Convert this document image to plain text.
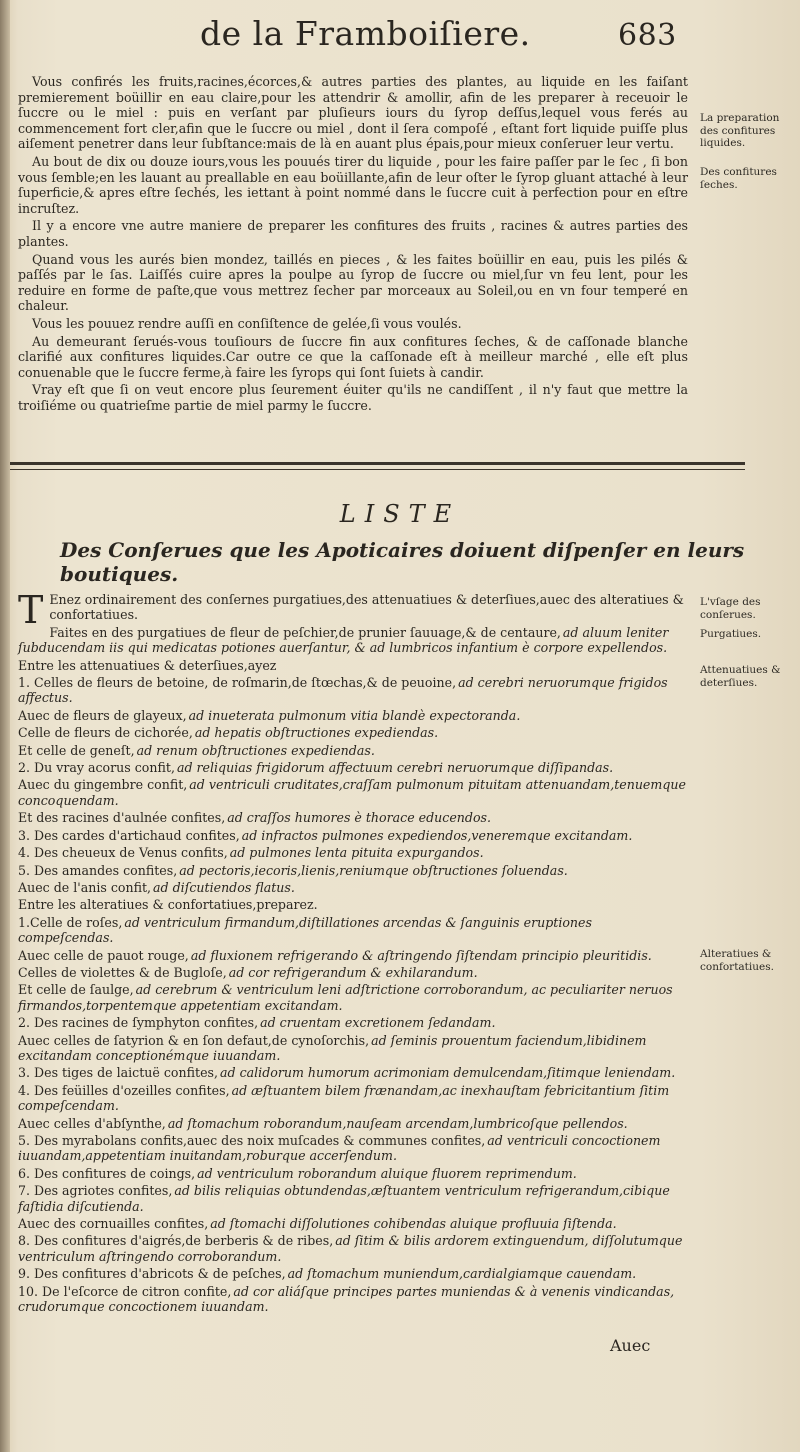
de la Framboiſiere.	683

Vous confirés les fruits,racines,écorces,& autres parties des plantes, au liquide en les faiſant premierement boüillir en eau claire,pour les attendrir & amollir, afin de les preparer à receuoir le ſuccre ou le miel : puis en verſant par pluſieurs iours du ſyrop deſſus,lequel vous ferés au commencement fort cler,afin que le ſuccre ou miel , dont il ſera compoſé , eſtant fort liquide puiſſe plus aiſement penetrer dans leur ſubſtance:mais de là en auant plus épais,pour mieux conſeruer leur vertu.

Au bout de dix ou douze iours,vous les pouués tirer du liquide , pour les faire paſſer par le ſec , ſi bon vous ſemble;en les lauant au preallable en eau boüillante,afin de leur oſter le ſyrop gluant attaché à leur ſuperficie,& apres eſtre ſechés, les iettant à point nommé dans le ſuccre cuit à perfection pour en eſtre incruſtez.

Il y a encore vne autre maniere de preparer les confitures des fruits , racines & autres parties des plantes.

Quand vous les aurés bien mondez, taillés en pieces , & les faites boüillir en eau, puis les pilés & paſſés par le ſas. Laiſſés cuire apres la poulpe au ſyrop de ſuccre ou miel,ſur vn feu lent, pour les reduire en forme de paſte,que vous mettrez ſecher par morceaux au Soleil,ou en vn four temperé en chaleur.

Vous les pouuez rendre auſſi en conſiſtence de gelée,ſi vous voulés.

Au demeurant ſerués-vous touſiours de ſuccre fin aux confitures ſeches, & de caſſonade blanche clarifié aux confitures liquides.Car outre ce que la caſſonade eſt à meilleur marché , elle eſt plus conuenable que le ſuccre ferme,à faire les ſyrops qui ſont ſuiets à candir.

Vray eſt que ſi on veut encore plus ſeurement éuiter qu'ils ne candiſſent , il n'y faut que mettre la troiſiéme ou quatrieſme partie de miel parmy le ſuccre.

La preparation des confitures liquides.
Des confitures ſeches.
LISTE
Des Conſerues que les Apoticaires doiuent diſpenſer en leurs boutiques.
T Enez ordinairement des conſernes purgatiues,des attenuatiues & deterſiues,auec des alteratiues & confortatiues.
Faites en des purgatiues de fleur de peſchier,de prunier ſauuage,& de centaure, ad aluum leniter ſubducendam iis qui medicatas potiones auerſantur, & ad lumbricos infantium è corpore expellendos.
Entre les attenuatiues & deterſiues,ayez
1. Celles de fleurs de betoine, de roſmarin,de ſtœchas,& de peuoine, ad cerebri neruorumque frigidos affectus.
Auec de fleurs de glayeux, ad inueterata pulmonum vitia blandè expectoranda.
Celle de fleurs de cichorée, ad hepatis obſtructiones expediendas.
Et celle de geneſt, ad renum obſtructiones expediendas.
2. Du vray acorus confit, ad reliquias frigidorum affectuum cerebri neruorumque diſſipandas.
Auec du gingembre confit, ad ventriculi cruditates,craſſam pulmonum pituitam attenuandam,tenuemque concoquendam.
Et des racines d'aulnée confites, ad craſſos humores è thorace educendos.
3. Des cardes d'artichaud confites, ad infractos pulmones expediendos,veneremque excitandam.
4. Des cheueux de Venus confits, ad pulmones lenta pituita expurgandos.
5. Des amandes confites, ad pectoris,iecoris,lienis,reniumque obſtructiones ſoluendas.
Auec de l'anis confit, ad diſcutiendos flatus.
Entre les alteratiues & confortatiues,preparez.
1.Celle de roſes, ad ventriculum firmandum,diſtillationes arcendas & ſanguinis eruptiones compeſcendas.
Auec celle de pauot rouge, ad fluxionem refrigerando & aſtringendo ſiſtendam principio pleuritidis.
Celles de violettes & de Bugloſe, ad cor refrigerandum & exhilarandum.
Et celle de ſaulge, ad cerebrum & ventriculum leni adſtrictione corroborandum, ac peculiariter neruos firmandos,torpentemque appetentiam excitandam.
2. Des racines de ſymphyton confites, ad cruentam excretionem ſedandam.
Auec celles de ſatyrion & en ſon defaut,de cynoſorchis, ad ſeminis prouentum faciendum,libidinem excitandam conceptionémque iuuandam.
3. Des tiges de laictuë confites, ad calidorum humorum acrimoniam demulcendam,ſitimque leniendam.
4. Des feüilles d'ozeilles confites, ad æſtuantem bilem frænandam,ac inexhauſtam febricitantium ſitim compeſcendam.
Auec celles d'abſynthe, ad ſtomachum roborandum,nauſeam arcendam,lumbricoſque pellendos.
5. Des myrabolans confits,auec des noix muſcades & communes confites, ad ventriculi concoctionem iuuandam,appetentiam inuitandam,roburque accerſendum.
6. Des confitures de coings, ad ventriculum roborandum aluique fluorem reprimendum.
7. Des agriotes confites, ad bilis reliquias obtundendas,æſtuantem ventriculum refrigerandum,cibique faſtidia diſcutienda.
Auec des cornuailles confites, ad ſtomachi diſſolutiones cohibendas aluique profluuia ſiſtenda.
8. Des confitures d'aigrés,de berberis & de ribes, ad ſitim & bilis ardorem extinguendum, diſſolutumque ventriculum aſtringendo corroborandum.
9. Des confitures d'abricots & de peſches, ad ſtomachum muniendum,cardialgiamque cauendam.
10. De l'eſcorce de citron confite, ad cor aliáſque principes partes muniendas & à venenis vindicandas, crudorumque concoctionem iuuandam.
L'vſage des conſerues.
Purgatiues.
Attenuatiues & deterſiues.
Alteratiues & confortatiues.
Auec
